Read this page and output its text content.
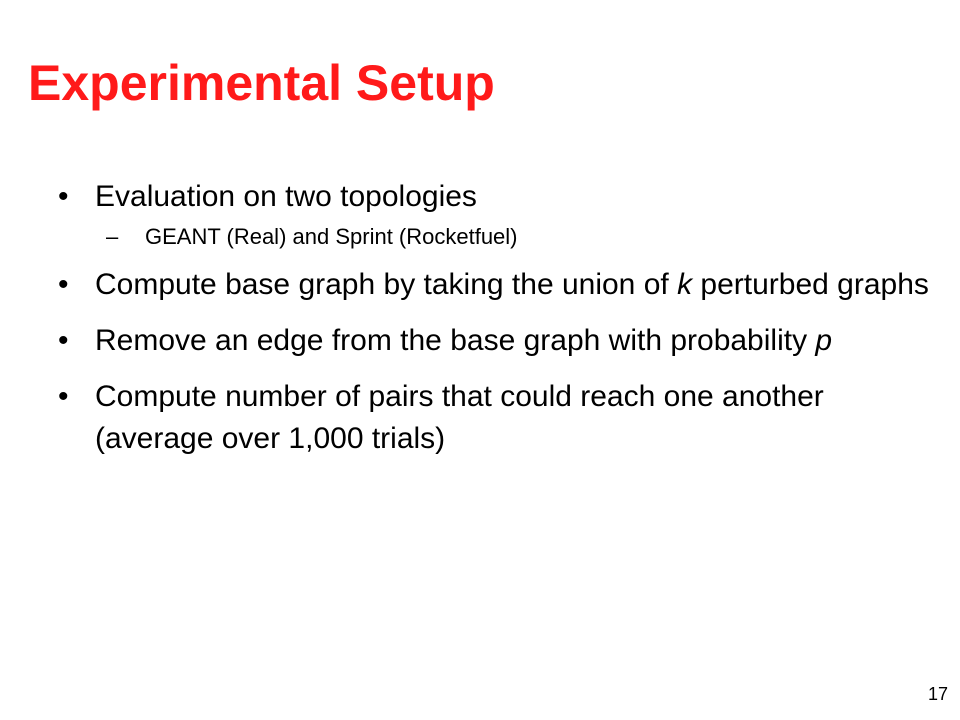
Experimental Setup
• Evaluation on two topologies
– GEANT (Real) and Sprint (Rocketfuel)
• Compute base graph by taking the union of k perturbed graphs
• Remove an edge from the base graph with probability p
• Compute number of pairs that could reach one another (average over 1,000 trials)
17
